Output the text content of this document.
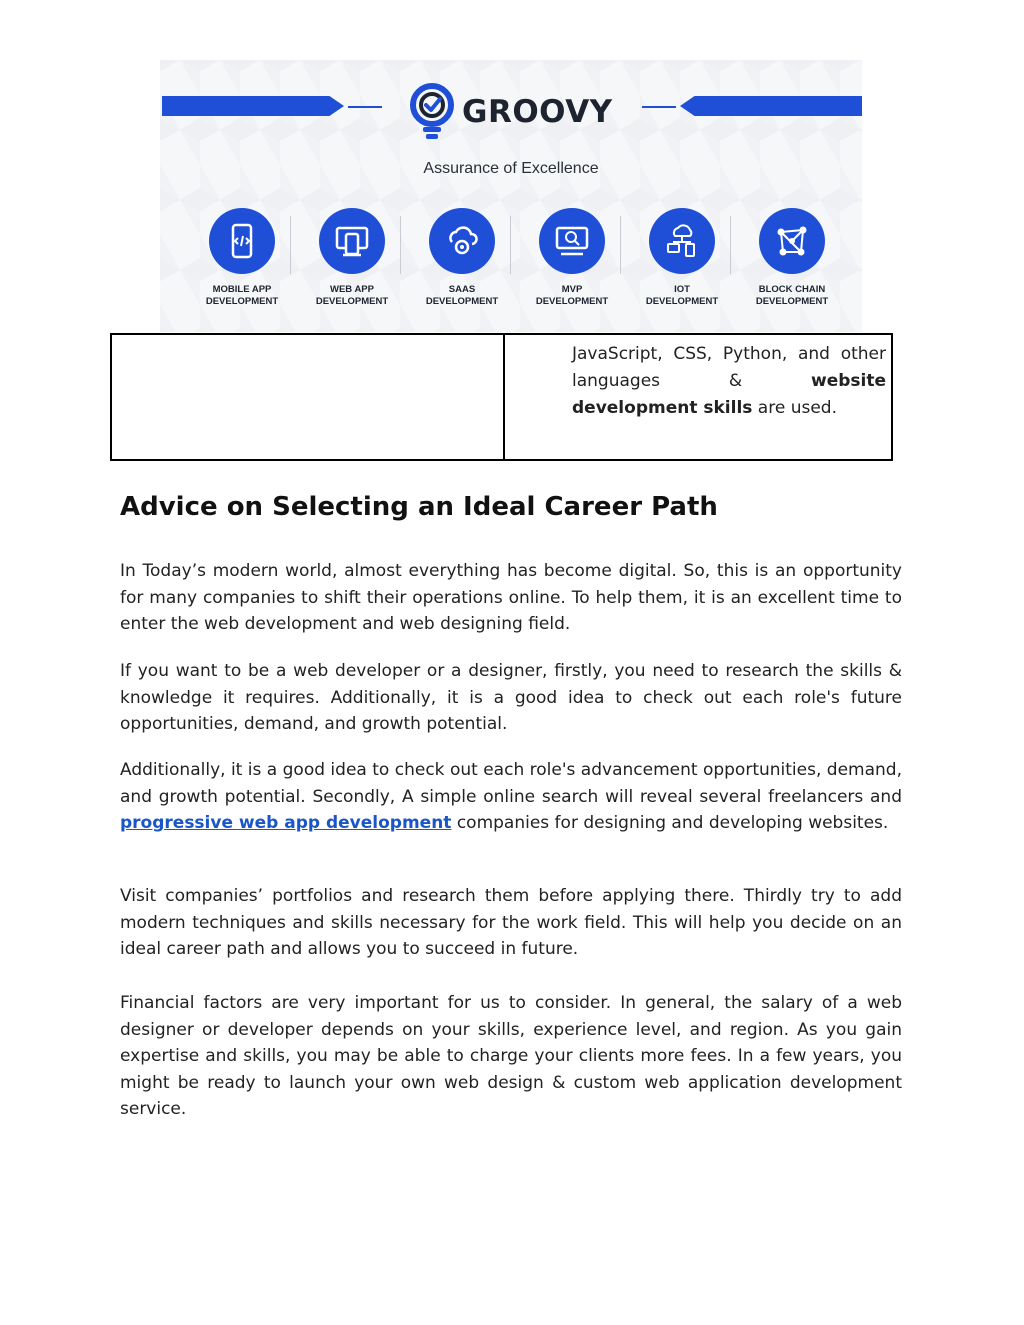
GROOVY
Assurance of Excellence
MOBILE APP
DEVELOPMENT
WEB APP
DEVELOPMENT
SAAS
DEVELOPMENT
MVP
DEVELOPMENT
IOT
DEVELOPMENT
BLOCK CHAIN
DEVELOPMENT
JavaScript, CSS, Python, and other languages & website development skills are used.
Advice on Selecting an Ideal Career Path

In Today’s modern world, almost everything has become digital. So, this is an opportunity for many companies to shift their operations online. To help them, it is an excellent time to enter the web development and web designing field.

If you want to be a web developer or a designer, firstly, you need to research the skills & knowledge it requires. Additionally, it is a good idea to check out each role's future opportunities, demand, and growth potential.

Additionally, it is a good idea to check out each role's advancement opportunities, demand, and growth potential. Secondly, A simple online search will reveal several freelancers and progressive web app development companies for designing and developing websites.

Visit companies’ portfolios and research them before applying there. Thirdly try to add modern techniques and skills necessary for the work field. This will help you decide on an ideal career path and allows you to succeed in future.

Financial factors are very important for us to consider. In general, the salary of a web designer or developer depends on your skills, experience level, and region. As you gain expertise and skills, you may be able to charge your clients more fees. In a few years, you might be ready to launch your own web design & custom web application development service.
